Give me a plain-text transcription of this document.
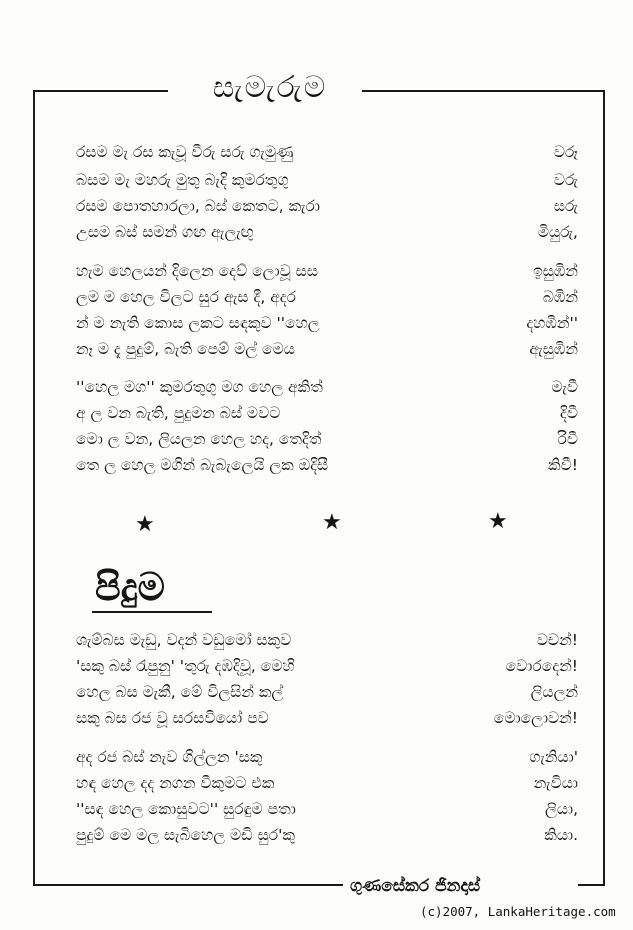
සැමැරුම
රසම මැ රස කැවූ වීරු සරු ගැමුණු	වරූ
බසම මැ මහරු මුතු බැදි කුමරතුගු	වරු
රසම පොතහාරලා, බස් කෙතට, කැරා	සරු
උසම බස් සමන් ගඟ ඇලැඟු	මියුරු,
හැම හෙලයන් දිලෙන දෙව් ලොවූ සස	ඉසුඹින්
ලම ම හෙල විලට සුර ඇස දී, අදර	බඹින්
න් ම නැති කොස ලකට සඳකුව ''හෙල	දහඹින්''
නෑ ම දැ පුදුම්, බැති පෙම් මල් මෙය	ඇසුඹින්
''හෙල මග'' කුමරතුගු මග හෙල අකිත්	මැවී
අ ල වන බැති, පුදුමන බස් මවට	දිවී
මො ල වන, ලියලන හෙල හද, තෙදිත්	රිවී
තෙ ල හෙල මගින් බැබැලෙයි ලක ඔදිසී	කිවී!
★	★	★
පිදුම
ශැම්බස මැඩු, වදන් වඩුමෝ සකුව	වචන්!
'සකු බස් රැපුනු' 'තුරු දඹදිවූ, මෙහි	වොරදෙන්!
හෙල බස මැකී, මේ විලසින් කල්	ලියලන්
සකු බස රජ වූ සරසවියෝ පව	මොලොවන්!
අද රජ බස් නැව ගිල්ලන 'සකු	ගැනියා'
හඳ හෙල දද නගන වීකුමට එක	නැවියා
''සඳ හෙල කොසුවට'' සුරඳුම පතා	ලියා,
පුදුම් මෙ මල සැබිහෙල මඩි සුර'කු	කියා.
ගුණසේකර ජිනදාස්
(c)2007, LankaHeritage.com
